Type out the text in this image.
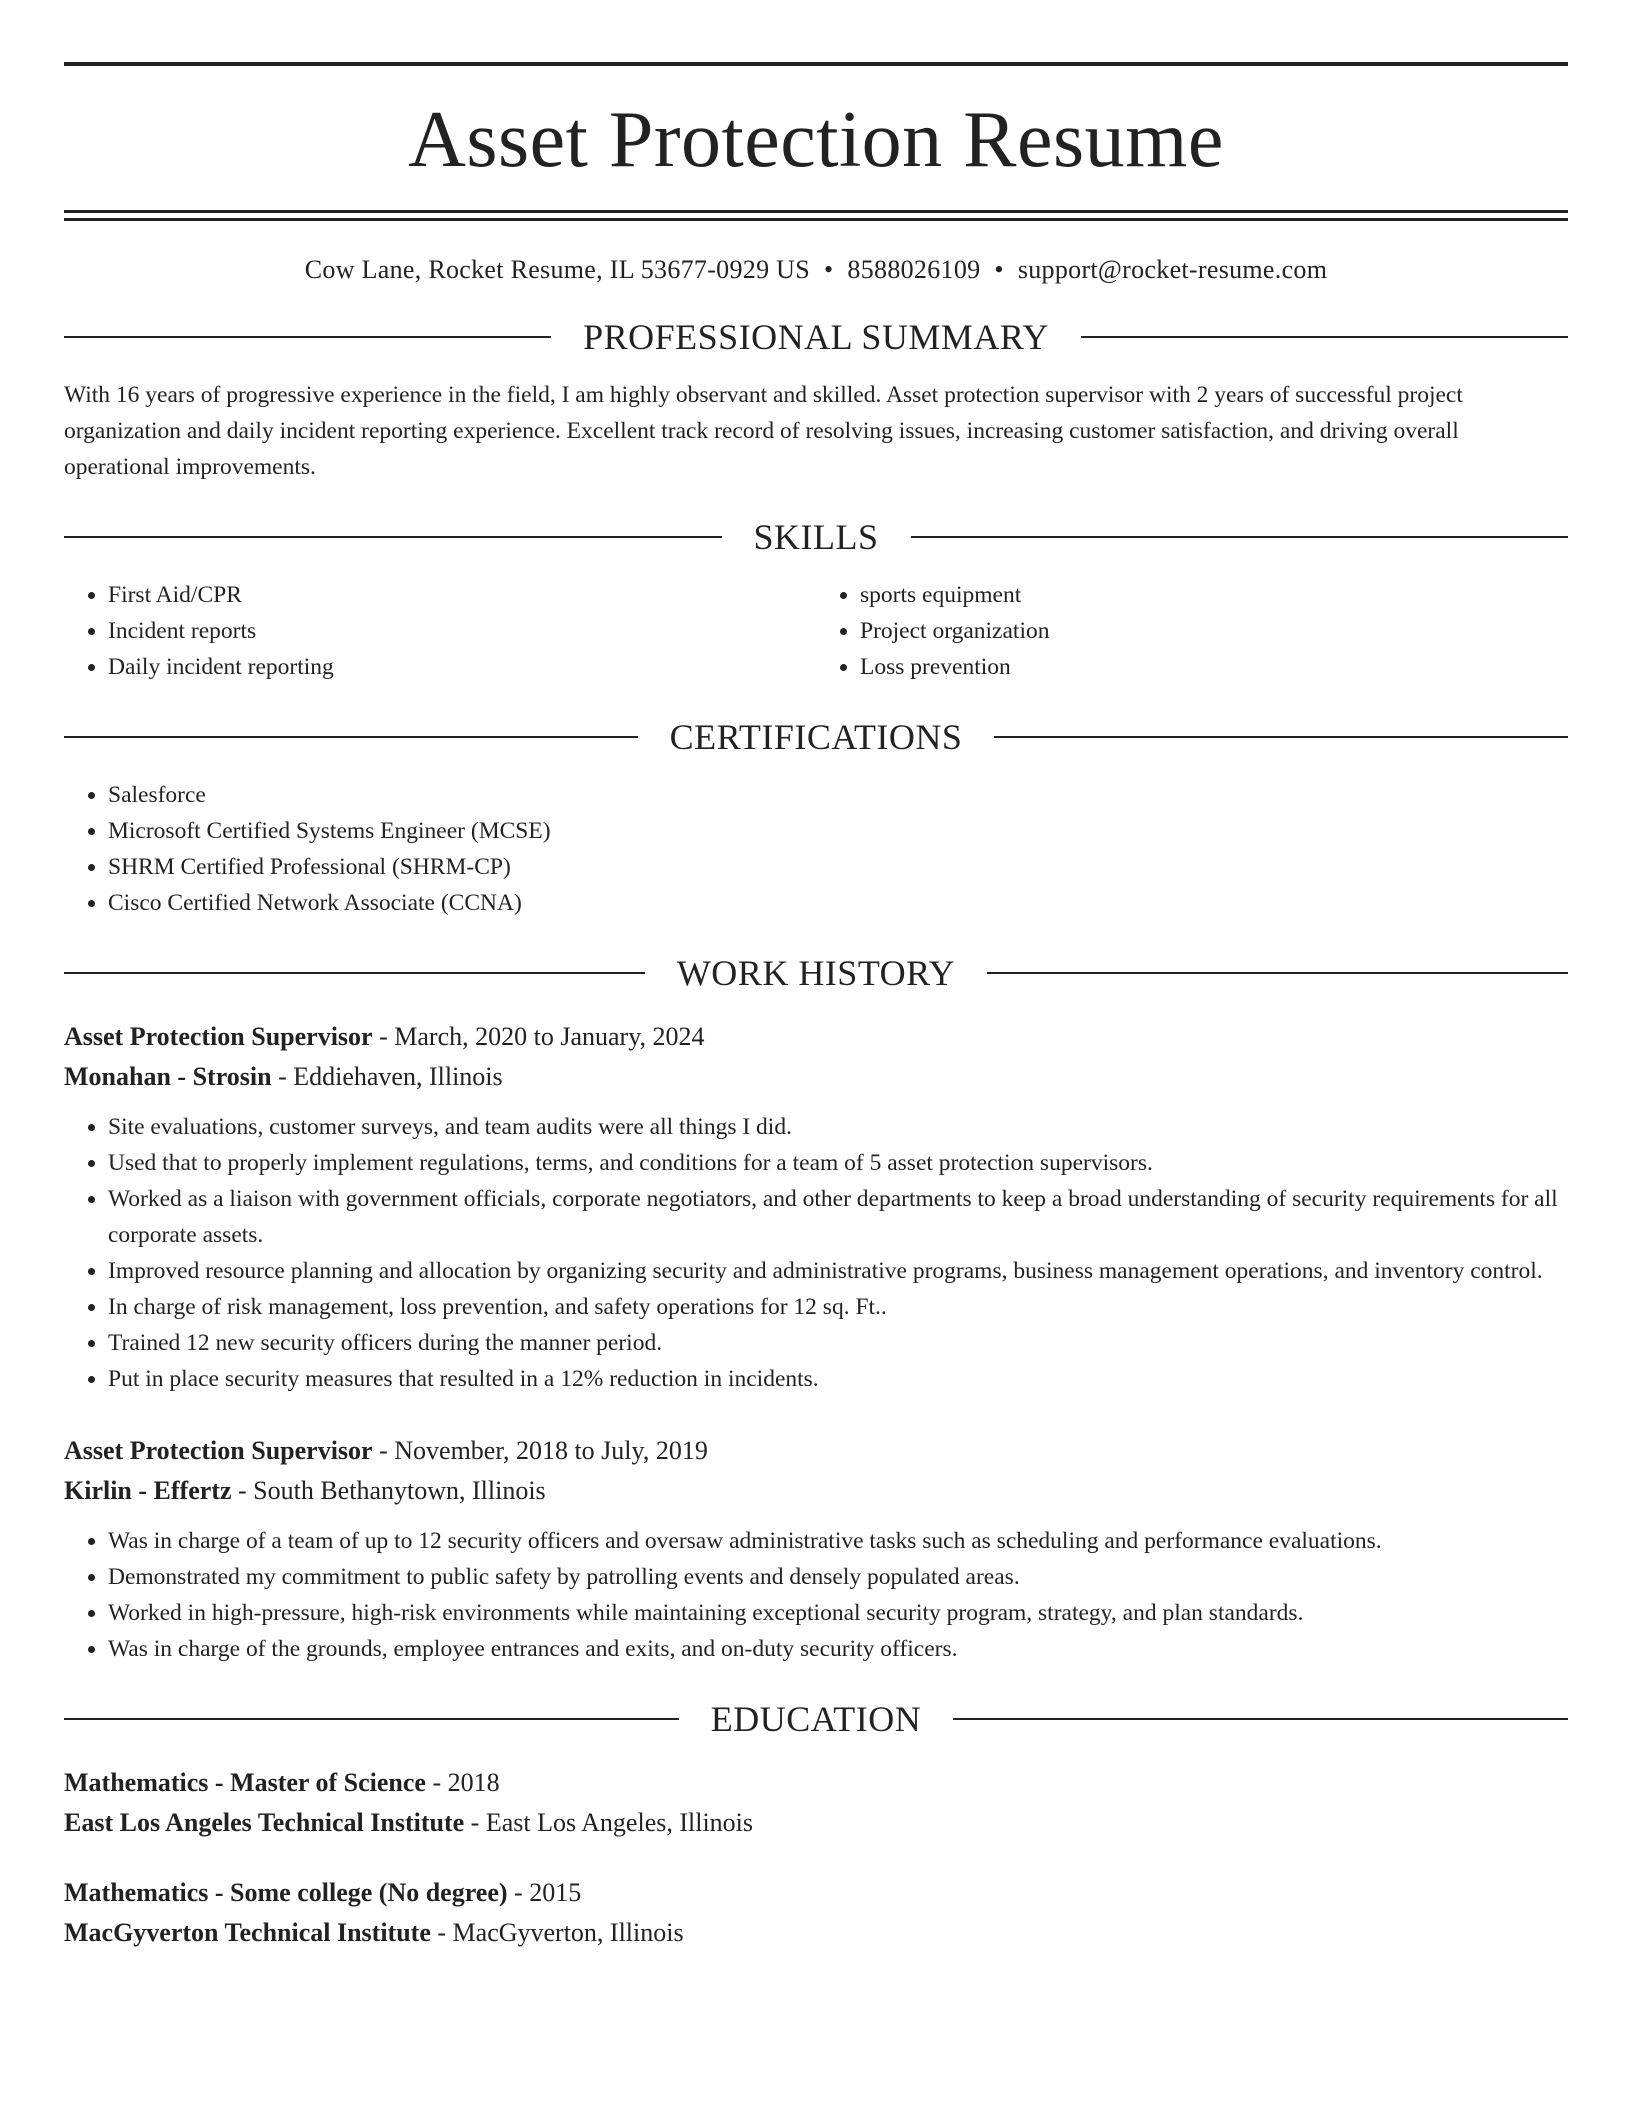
Asset Protection Resume
Cow Lane, Rocket Resume, IL 53677-0929 US • 8588026109 • support@rocket-resume.com
PROFESSIONAL SUMMARY
With 16 years of progressive experience in the field, I am highly observant and skilled. Asset protection supervisor with 2 years of successful project organization and daily incident reporting experience. Excellent track record of resolving issues, increasing customer satisfaction, and driving overall operational improvements.
SKILLS
• First Aid/CPR
• Incident reports
• Daily incident reporting
• sports equipment
• Project organization
• Loss prevention
CERTIFICATIONS
• Salesforce
• Microsoft Certified Systems Engineer (MCSE)
• SHRM Certified Professional (SHRM-CP)
• Cisco Certified Network Associate (CCNA)
WORK HISTORY
Asset Protection Supervisor - March, 2020 to January, 2024
Monahan - Strosin - Eddiehaven, Illinois
• Site evaluations, customer surveys, and team audits were all things I did.
• Used that to properly implement regulations, terms, and conditions for a team of 5 asset protection supervisors.
• Worked as a liaison with government officials, corporate negotiators, and other departments to keep a broad understanding of security requirements for all corporate assets.
• Improved resource planning and allocation by organizing security and administrative programs, business management operations, and inventory control.
• In charge of risk management, loss prevention, and safety operations for 12 sq. Ft..
• Trained 12 new security officers during the manner period.
• Put in place security measures that resulted in a 12% reduction in incidents.
Asset Protection Supervisor - November, 2018 to July, 2019
Kirlin - Effertz - South Bethanytown, Illinois
• Was in charge of a team of up to 12 security officers and oversaw administrative tasks such as scheduling and performance evaluations.
• Demonstrated my commitment to public safety by patrolling events and densely populated areas.
• Worked in high-pressure, high-risk environments while maintaining exceptional security program, strategy, and plan standards.
• Was in charge of the grounds, employee entrances and exits, and on-duty security officers.
EDUCATION
Mathematics - Master of Science - 2018
East Los Angeles Technical Institute - East Los Angeles, Illinois
Mathematics - Some college (No degree) - 2015
MacGyverton Technical Institute - MacGyverton, Illinois
